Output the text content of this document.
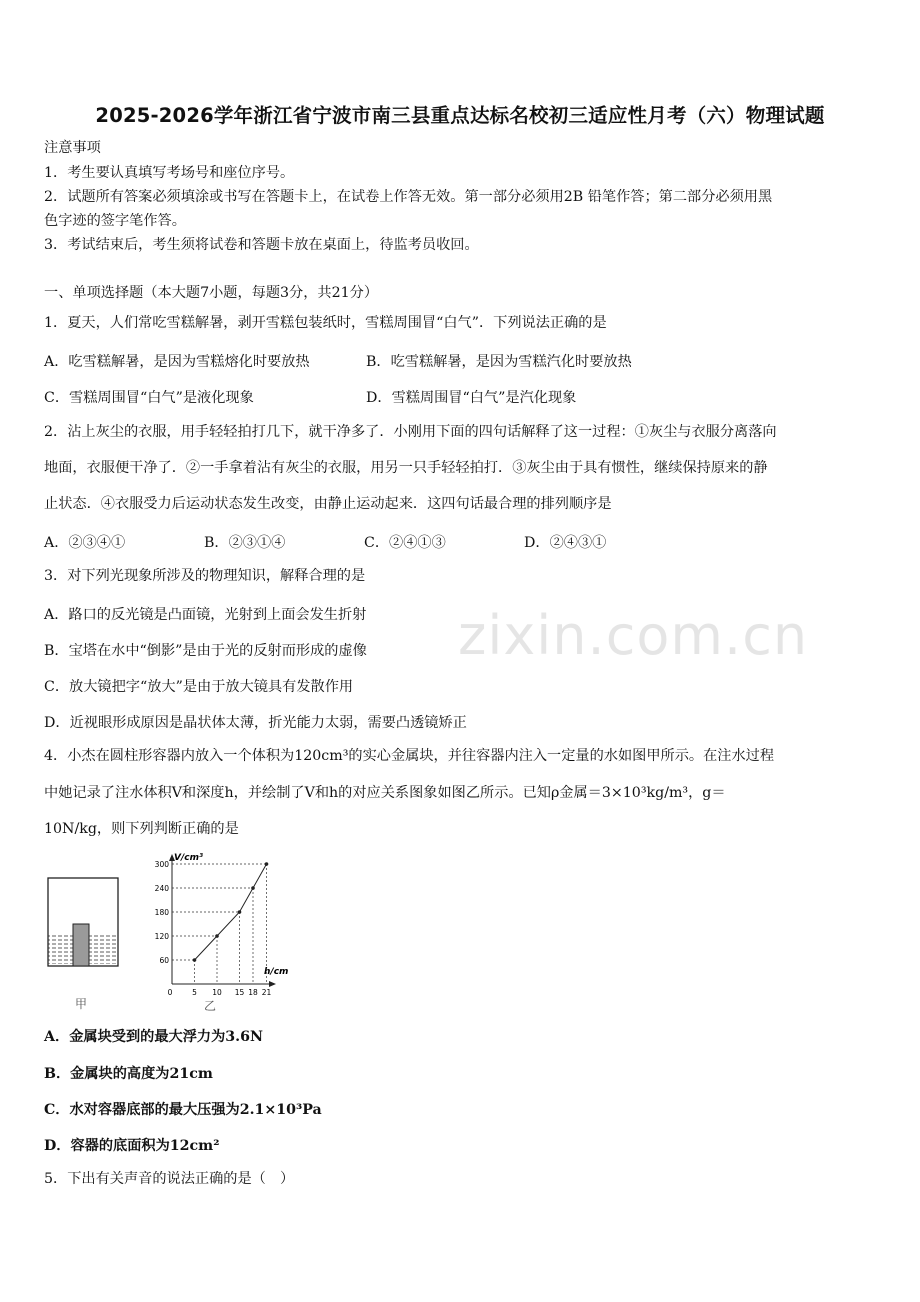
2025-2026学年浙江省宁波市南三县重点达标名校初三适应性月考（六）物理试题
注意事项
1．考生要认真填写考场号和座位序号。
2．试题所有答案必须填涂或书写在答题卡上，在试卷上作答无效。第一部分必须用2B 铅笔作答；第二部分必须用黑
色字迹的签字笔作答。
3．考试结束后，考生须将试卷和答题卡放在桌面上，待监考员收回。
一、单项选择题（本大题7小题，每题3分，共21分）
1．夏天，人们常吃雪糕解暑，剥开雪糕包装纸时，雪糕周围冒“白气”．下列说法正确的是
A．吃雪糕解暑，是因为雪糕熔化时要放热	B．吃雪糕解暑，是因为雪糕汽化时要放热
C．雪糕周围冒“白气”是液化现象	D．雪糕周围冒“白气”是汽化现象
2．沾上灰尘的衣服，用手轻轻拍打几下，就干净多了．小刚用下面的四句话解释了这一过程：①灰尘与衣服分离落向
地面，衣服便干净了．②一手拿着沾有灰尘的衣服，用另一只手轻轻拍打．③灰尘由于具有惯性，继续保持原来的静
止状态．④衣服受力后运动状态发生改变，由静止运动起来．这四句话最合理的排列顺序是
A．②③④①	B．②③①④	C．②④①③	D．②④③①
3．对下列光现象所涉及的物理知识，解释合理的是
A．路口的反光镜是凸面镜，光射到上面会发生折射
B．宝塔在水中“倒影”是由于光的反射而形成的虚像
C．放大镜把字“放大”是由于放大镜具有发散作用
D．近视眼形成原因是晶状体太薄，折光能力太弱，需要凸透镜矫正
zixin.com.cn
4．小杰在圆柱形容器内放入一个体积为120cm³的实心金属块，并往容器内注入一定量的水如图甲所示。在注水过程
中她记录了注水体积V和深度h，并绘制了V和h的对应关系图象如图乙所示。已知ρ金属＝3×10³kg/m³，g＝
10N/kg，则下列判断正确的是
甲
V/cm³
h/cm
乙
60
120
180
240
300
0	5 10 15 18 21
A．金属块受到的最大浮力为3.6N
B．金属块的高度为21cm
C．水对容器底部的最大压强为2.1×10³Pa
D．容器的底面积为12cm²
5．下出有关声音的说法正确的是（　）
